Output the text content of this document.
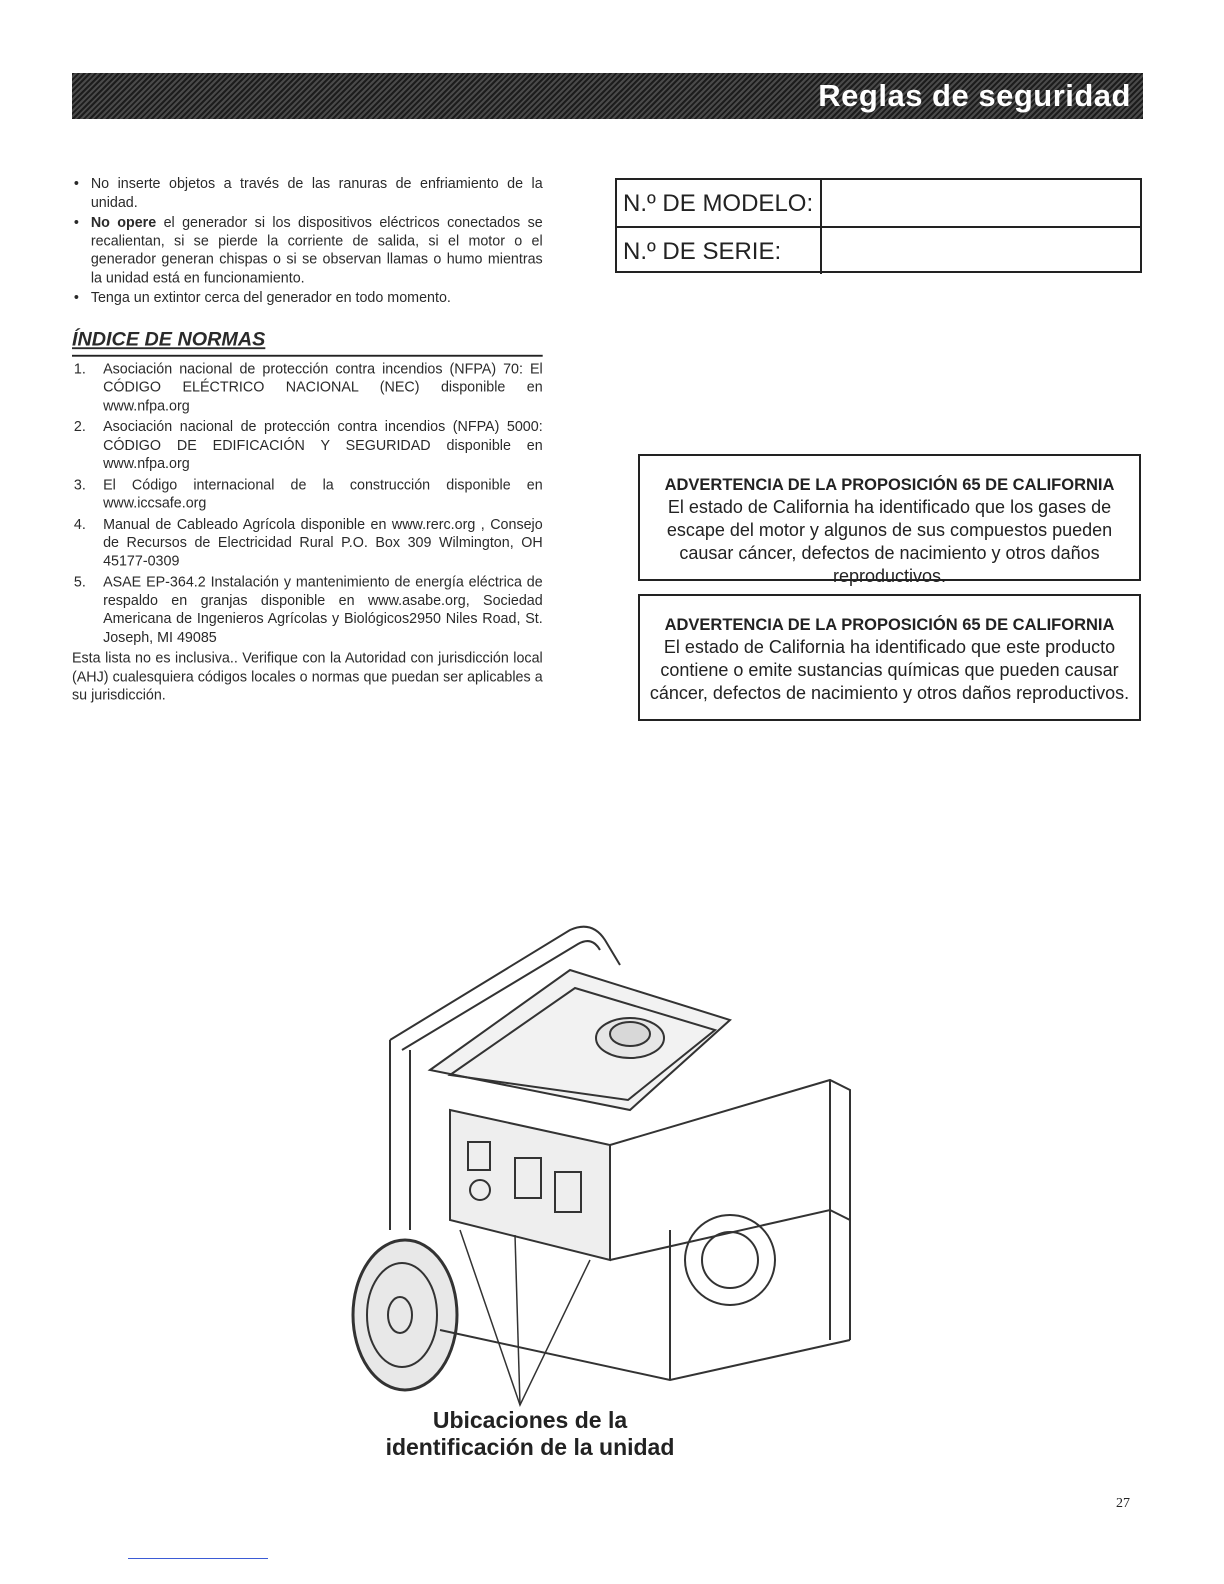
Reglas de seguridad
• No inserte objetos a través de las ranuras de enfriamiento de la unidad.
• No opere el generador si los dispositivos eléctricos conectados se recalientan, si se pierde la corriente de salida, si el motor o el generador generan chispas o si se observan llamas o humo mientras la unidad está en funcionamiento.
• Tenga un extintor cerca del generador en todo momento.
ÍNDICE DE NORMAS
1. Asociación nacional de protección contra incendios (NFPA) 70: El CÓDIGO ELÉCTRICO NACIONAL (NEC) disponible en www.nfpa.org
2. Asociación nacional de protección contra incendios (NFPA) 5000: CÓDIGO DE EDIFICACIÓN Y SEGURIDAD disponible en www.nfpa.org
3. El Código internacional de la construcción disponible en www.iccsafe.org
4. Manual de Cableado Agrícola disponible en www.rerc.org , Consejo de Recursos de Electricidad Rural P.O. Box 309 Wilmington, OH 45177-0309
5. ASAE EP-364.2 Instalación y mantenimiento de energía eléctrica de respaldo en granjas disponible en www.asabe.org, Sociedad Americana de Ingenieros Agrícolas y Biológicos2950 Niles Road, St. Joseph, MI 49085

Esta lista no es inclusiva.. Verifique con la Autoridad con jurisdicción local (AHJ) cualesquiera códigos locales o normas que puedan ser aplicables a su jurisdicción.

N.º DE MODELO:
N.º DE SERIE:
ADVERTENCIA DE LA PROPOSICIÓN 65 DE CALIFORNIA
El estado de California ha identificado que los gases de escape del motor y algunos de sus compuestos pueden causar cáncer, defectos de nacimiento y otros daños reproductivos.
ADVERTENCIA DE LA PROPOSICIÓN 65 DE CALIFORNIA
El estado de California ha identificado que este producto contiene o emite sustancias químicas que pueden causar cáncer, defectos de nacimiento y otros daños reproductivos.
Ubicaciones de la
identificación de la unidad
27
